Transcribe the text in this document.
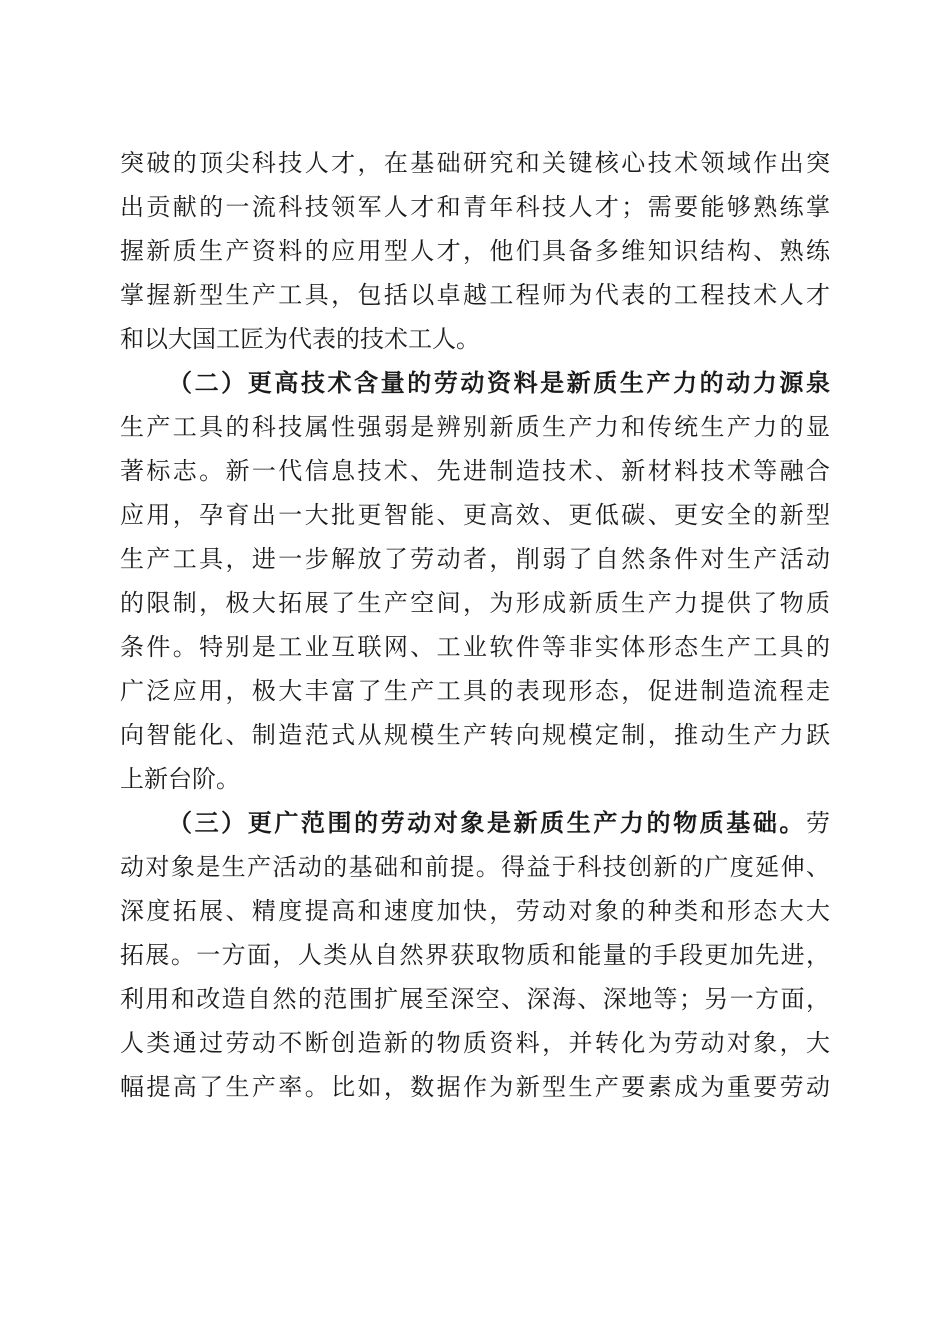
突破的顶尖科技人才，在基础研究和关键核心技术领域作出突
出贡献的一流科技领军人才和青年科技人才；需要能够熟练掌
握新质生产资料的应用型人才，他们具备多维知识结构、熟练
掌握新型生产工具，包括以卓越工程师为代表的工程技术人才
和以大国工匠为代表的技术工人。
（二）更高技术含量的劳动资料是新质生产力的动力源泉
生产工具的科技属性强弱是辨别新质生产力和传统生产力的显
著标志。新一代信息技术、先进制造技术、新材料技术等融合
应用，孕育出一大批更智能、更高效、更低碳、更安全的新型
生产工具，进一步解放了劳动者，削弱了自然条件对生产活动
的限制，极大拓展了生产空间，为形成新质生产力提供了物质
条件。特别是工业互联网、工业软件等非实体形态生产工具的
广泛应用，极大丰富了生产工具的表现形态，促进制造流程走
向智能化、制造范式从规模生产转向规模定制，推动生产力跃
上新台阶。
（三）更广范围的劳动对象是新质生产力的物质基础。劳
动对象是生产活动的基础和前提。得益于科技创新的广度延伸、
深度拓展、精度提高和速度加快，劳动对象的种类和形态大大
拓展。一方面，人类从自然界获取物质和能量的手段更加先进，
利用和改造自然的范围扩展至深空、深海、深地等；另一方面，
人类通过劳动不断创造新的物质资料，并转化为劳动对象，大
幅提高了生产率。比如，数据作为新型生产要素成为重要劳动
